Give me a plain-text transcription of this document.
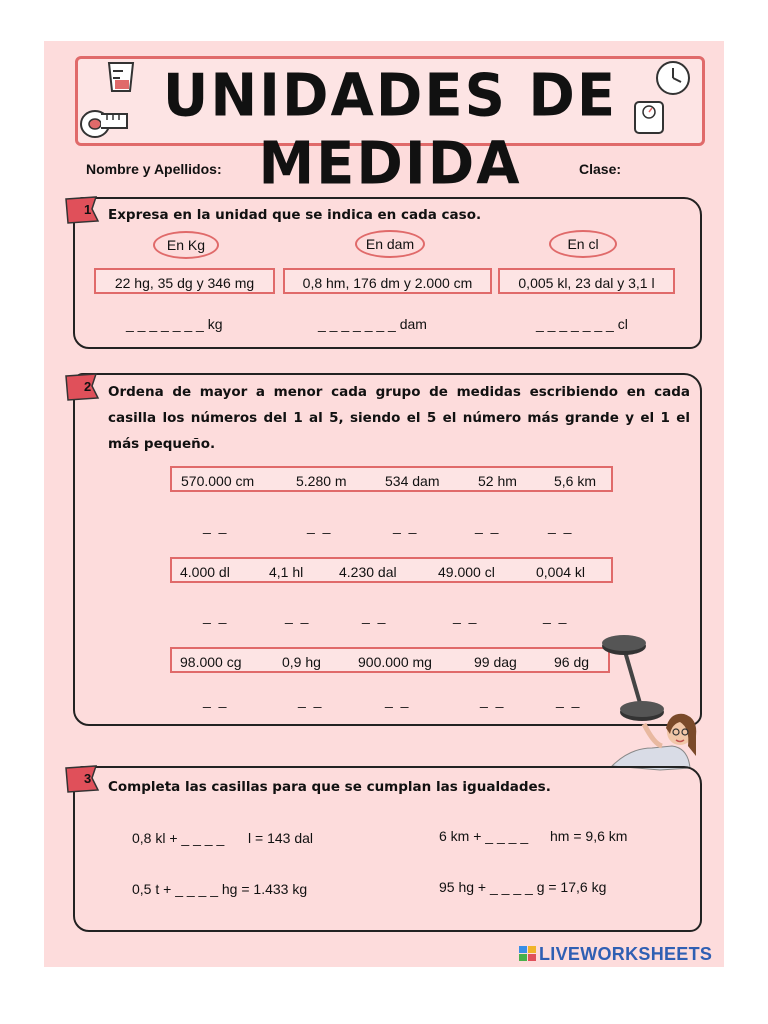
UNIDADES DE MEDIDA
Nombre y Apellidos:	Clase:
1 Expresa en la unidad que se indica en cada caso.
En Kg	En dam	En cl
22 hg, 35 dg y 346 mg	0,8 hm, 176 dm y 2.000 cm	0,005 kl, 23 dal y 3,1 l
_ _ _ _ _ _ _ kg	_ _ _ _ _ _ _ dam	_ _ _ _ _ _ _ cl
2 Ordena de mayor a menor cada grupo de medidas escribiendo en cada casilla los números del 1 al 5, siendo el 5 el número más grande y el 1 el más pequeño.
570.000 cm	5.280 m	534 dam	52 hm	5,6 km
_ _	_ _	_ _	_ _	_ _
4.000 dl	4,1 hl	4.230 dal	49.000 cl	0,004 kl
_ _	_ _	_ _	_ _	_ _
98.000 cg	0,9 hg	900.000 mg	99 dag	96 dg
_ _	_ _	_ _	_ _	_ _
3
Completa las casillas para que se cumplan las igualdades.
0,8 kl + _ _ _ _ l = 143 dal	6 km + _ _ _ _ hm = 9,6 km
0,5 t + _ _ _ _ hg = 1.433 kg	95 hg + _ _ _ _ g = 17,6 kg
LIVEWORKSHEETS
